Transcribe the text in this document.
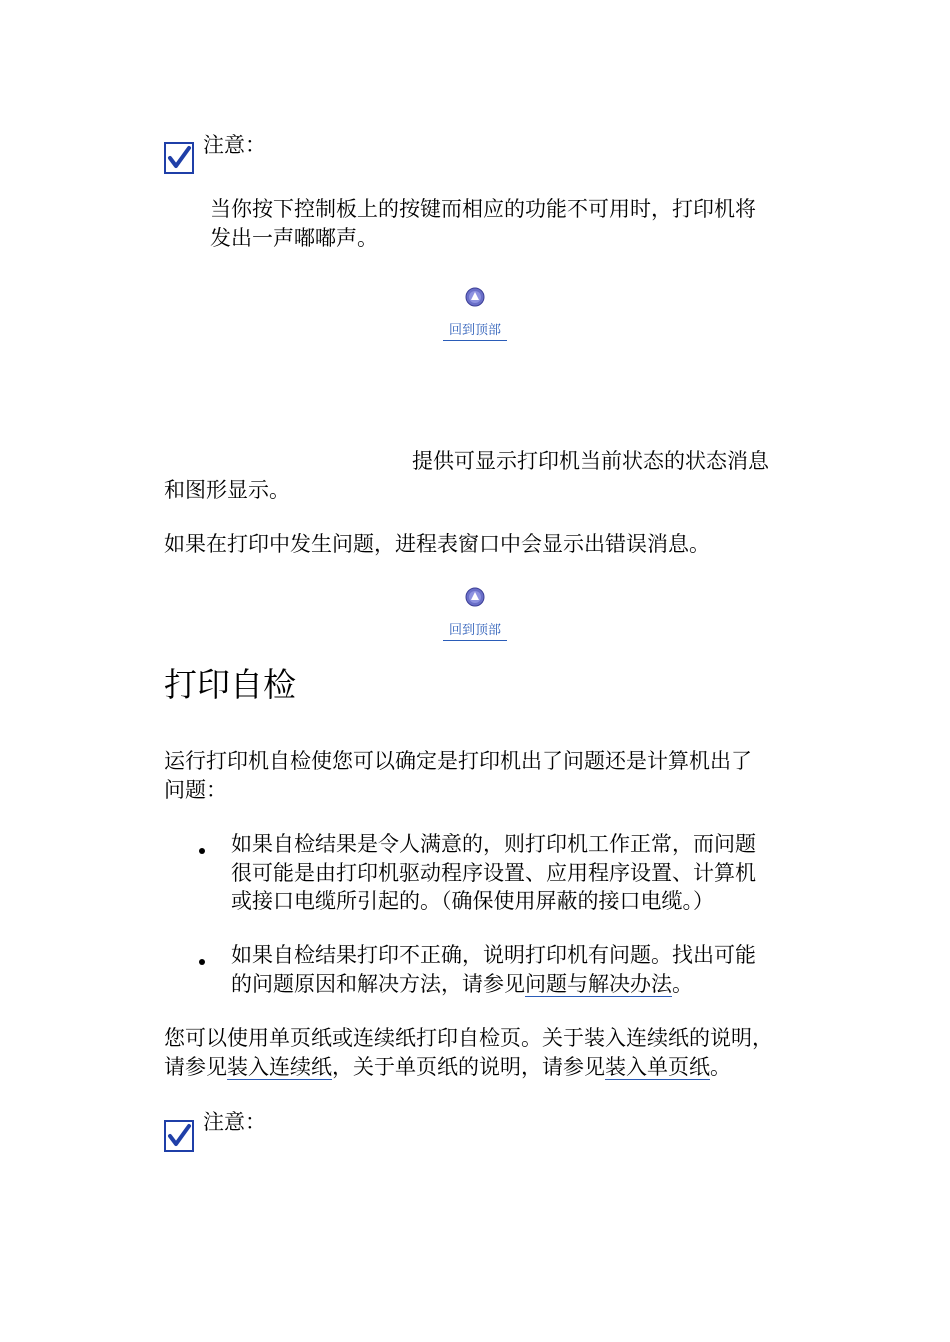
注意：
当你按下控制板上的按键而相应的功能不可用时，打印机将
发出一声嘟嘟声。
回到顶部
提供可显示打印机当前状态的状态消息
和图形显示。
如果在打印中发生问题，进程表窗口中会显示出错误消息。
回到顶部
打印自检
运行打印机自检使您可以确定是打印机出了问题还是计算机出了
问题：
如果自检结果是令人满意的，则打印机工作正常，而问题
很可能是由打印机驱动程序设置、应用程序设置、计算机
或接口电缆所引起的。（确保使用屏蔽的接口电缆。）
如果自检结果打印不正确，说明打印机有问题。找出可能
的问题原因和解决方法，请参见问题与解决办法。
您可以使用单页纸或连续纸打印自检页。关于装入连续纸的说明，
请参见装入连续纸，关于单页纸的说明，请参见装入单页纸。
注意：
